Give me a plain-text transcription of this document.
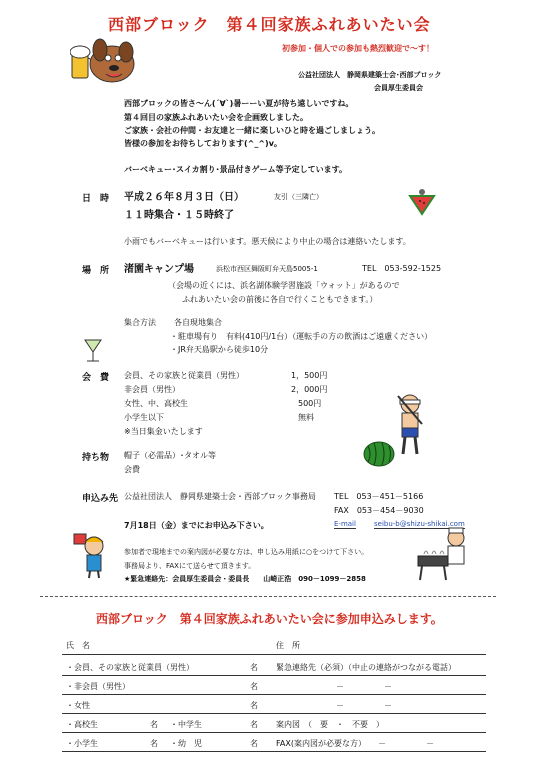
西部ブロック　第４回家族ふれあいたい会
初参加・個人での参加も熱烈歓迎で～す！
公益社団法人　静岡県建築士会･西部ブロック
会員厚生委員会
西部ブロックの皆さ～ん(´∀`)暑ーーい夏が待ち遠しいですね。
第４回目の家族ふれあいたい会を企画致しました。
ご家族・会社の仲間・お友達と一緒に楽しいひと時を過ごしましょう。
皆様の参加をお待ちしております(^_^)v。
バーベキュー･スイカ割り･景品付きゲーム等予定しています。
日　時 平成２６年８月３日（日）	友引（三隣亡）
１１時集合・１５時終了
小雨でもバーベキューは行います。悪天候により中止の場合は連絡いたします。
場　所 渚園キャンプ場	浜松市西区舞阪町弁天島5005-1	TEL　053-592-1525
（会場の近くには、浜名湖体験学習施設「ウォット」があるので
ふれあいたい会の前後に各自で行くこともできます。）
集合方法 各自現地集合
・駐車場有り　有料(410円/1台）（運転手の方の飲酒はご遠慮ください）
・JR弁天島駅から徒歩10分
会　費 会員、その家族と従業員（男性）	1，500円
非会員（男性）	2，000円
女性、中、高校生	500円
小学生以下	無料
※当日集金いたします
持ち物 帽子（必需品）･タオル等
会費
申込み先 公益社団法人　静岡県建築士会・西部ブロック事務局 TEL　053－451－5166
FAX　053－454－9030
7月18日（金）までにお申込み下さい。	E-mail	seibu-b@shizu-shikai.com
参加者で現地までの案内図が必要な方は、申し込み用紙に○をつけて下さい。
事務局より、FAXにて送らせて頂きます。
★緊急連絡先：会員厚生委員会・委員長　　山崎正浩　090－1099－2858
西部ブロック　第４回家族ふれあいたい会に参加申込みします。
氏　名	住　所
・会員、その家族と従業員（男性）	名 緊急連絡先（必須）（中止の連絡がつながる電話）
・非会員（男性）	名	－　　　　　－
・女性	名	－　　　　　－
・高校生	名 ・中学生	名 案内図　（　要　・　不要　）
・小学生	名 ・幼　児	名 FAX(案内図が必要な方）　　－　　　　　－
